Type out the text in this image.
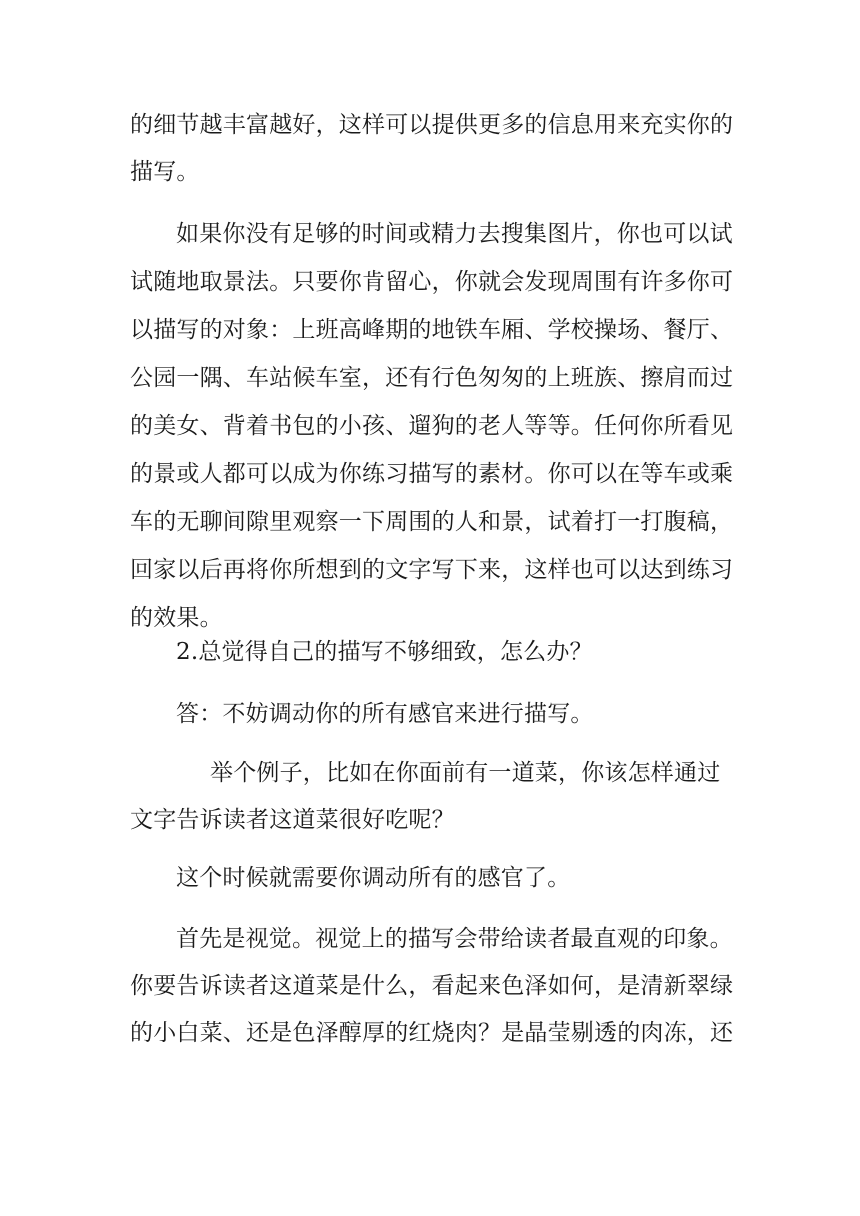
的细节越丰富越好，这样可以提供更多的信息用来充实你的
描写。
如果你没有足够的时间或精力去搜集图片，你也可以试
试随地取景法。只要你肯留心，你就会发现周围有许多你可
以描写的对象：上班高峰期的地铁车厢、学校操场、餐厅、
公园一隅、车站候车室，还有行色匆匆的上班族、擦肩而过
的美女、背着书包的小孩、遛狗的老人等等。任何你所看见
的景或人都可以成为你练习描写的素材。你可以在等车或乘
车的无聊间隙里观察一下周围的人和景，试着打一打腹稿，
回家以后再将你所想到的文字写下来，这样也可以达到练习
的效果。
2.总觉得自己的描写不够细致，怎么办？
答：不妨调动你的所有感官来进行描写。
举个例子，比如在你面前有一道菜，你该怎样通过
文字告诉读者这道菜很好吃呢？
这个时候就需要你调动所有的感官了。
首先是视觉。视觉上的描写会带给读者最直观的印象。
你要告诉读者这道菜是什么，看起来色泽如何，是清新翠绿
的小白菜、还是色泽醇厚的红烧肉？是晶莹剔透的肉冻，还
